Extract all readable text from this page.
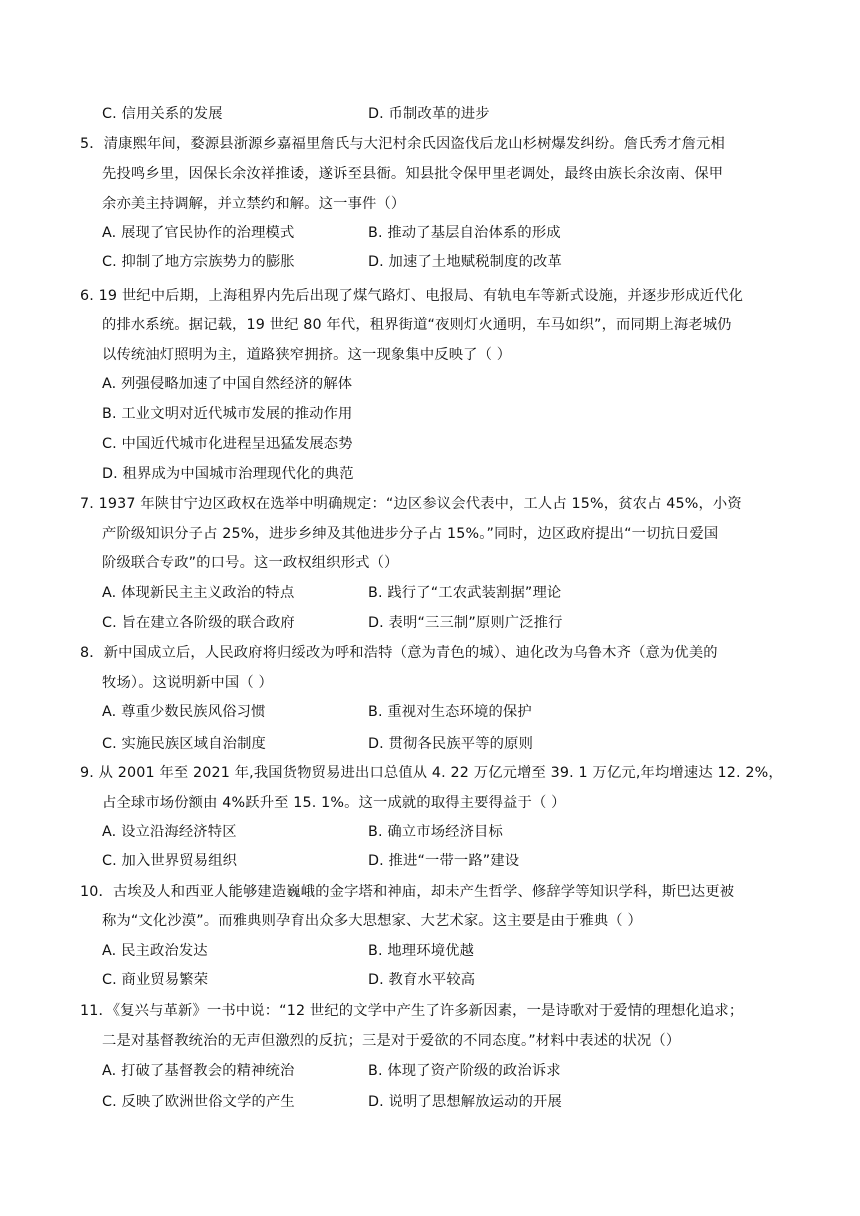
C. 信用关系的发展	D. 币制改革的进步
5．清康熙年间，婺源县浙源乡嘉福里詹氏与大汜村余氏因盗伐后龙山杉树爆发纠纷。詹氏秀才詹元相
先投鸣乡里，因保长余汝祥推诿，遂诉至县衙。知县批令保甲里老调处，最终由族长余汝南、保甲
余亦美主持调解，并立禁约和解。这一事件（）
A. 展现了官民协作的治理模式	B. 推动了基层自治体系的形成
C. 抑制了地方宗族势力的膨胀	D. 加速了土地赋税制度的改革
6. 19 世纪中后期，上海租界内先后出现了煤气路灯、电报局、有轨电车等新式设施，并逐步形成近代化
的排水系统。据记载，19 世纪 80 年代，租界街道“夜则灯火通明，车马如织”，而同期上海老城仍
以传统油灯照明为主，道路狭窄拥挤。这一现象集中反映了（ ）
A. 列强侵略加速了中国自然经济的解体
B. 工业文明对近代城市发展的推动作用
C. 中国近代城市化进程呈迅猛发展态势
D. 租界成为中国城市治理现代化的典范
7. 1937 年陕甘宁边区政权在选举中明确规定：“边区参议会代表中，工人占 15%，贫农占 45%，小资
产阶级知识分子占 25%，进步乡绅及其他进步分子占 15%。”同时，边区政府提出“一切抗日爱国
阶级联合专政”的口号。这一政权组织形式（）
A. 体现新民主主义政治的特点	B. 践行了“工农武装割据”理论
C. 旨在建立各阶级的联合政府	D. 表明“三三制”原则广泛推行
8．新中国成立后，人民政府将归绥改为呼和浩特（意为青色的城）、迪化改为乌鲁木齐（意为优美的
牧场）。这说明新中国（ ）
A. 尊重少数民族风俗习惯	B. 重视对生态环境的保护
C. 实施民族区域自治制度	D. 贯彻各民族平等的原则
9. 从 2001 年至 2021 年,我国货物贸易进出口总值从 4. 22 万亿元增至 39. 1 万亿元,年均增速达 12. 2%，
占全球市场份额由 4%跃升至 15. 1%。这一成就的取得主要得益于（ ）
A. 设立沿海经济特区	B. 确立市场经济目标
C. 加入世界贸易组织	D. 推进“一带一路”建设
10．古埃及人和西亚人能够建造巍峨的金字塔和神庙，却未产生哲学、修辞学等知识学科，斯巴达更被
称为“文化沙漠”。而雅典则孕育出众多大思想家、大艺术家。这主要是由于雅典（ ）
A. 民主政治发达	B. 地理环境优越
C. 商业贸易繁荣	D. 教育水平较高
11．《复兴与革新》一书中说：“12 世纪的文学中产生了许多新因素，一是诗歌对于爱情的理想化追求；
二是对基督教统治的无声但激烈的反抗；三是对于爱欲的不同态度。”材料中表述的状况（）
A. 打破了基督教会的精神统治	B. 体现了资产阶级的政治诉求
C. 反映了欧洲世俗文学的产生	D. 说明了思想解放运动的开展
